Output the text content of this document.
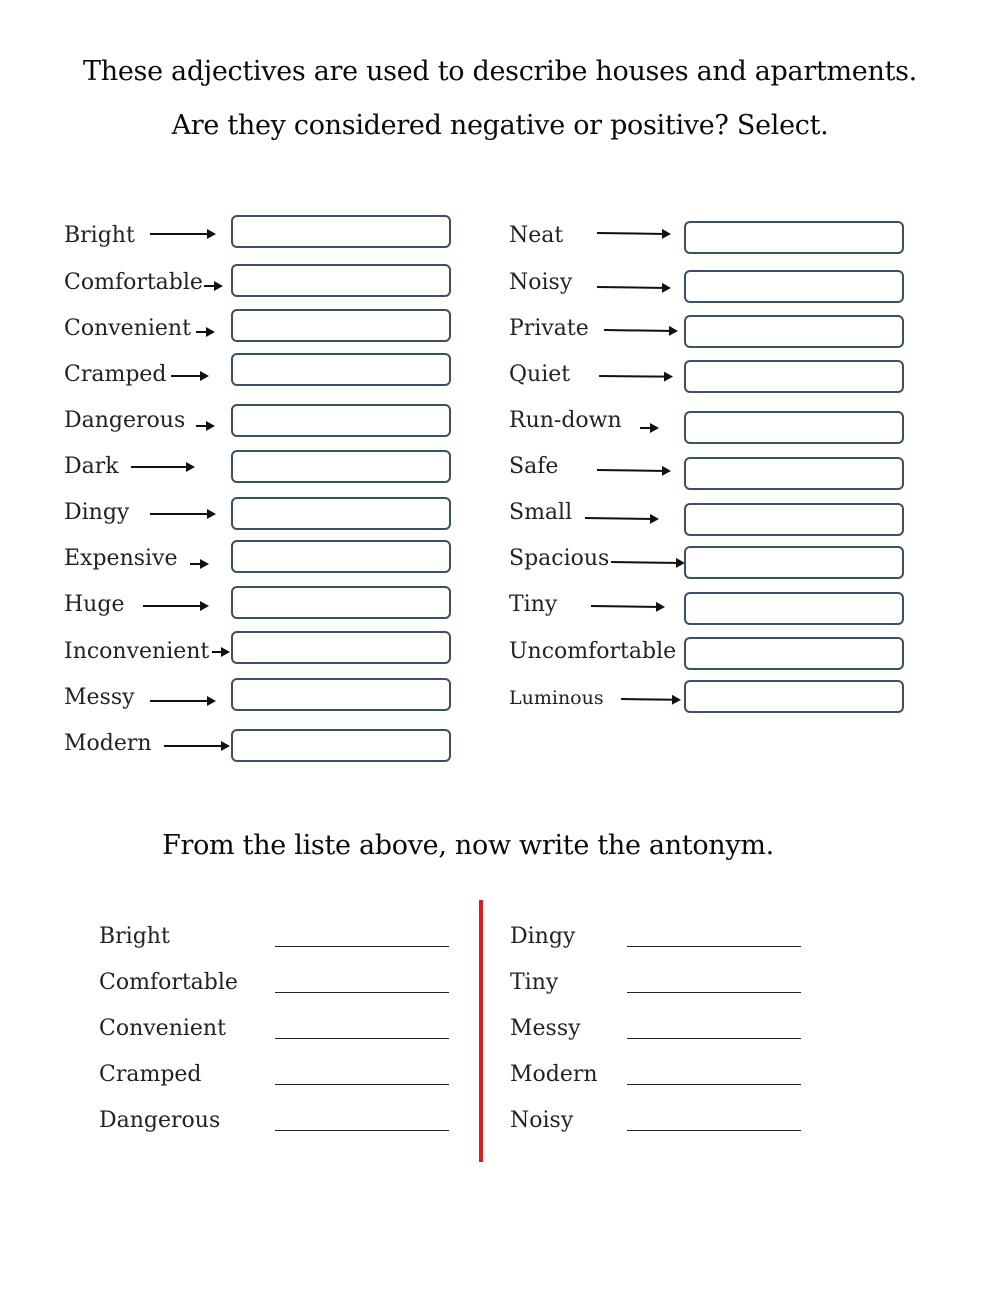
These adjectives are used to describe houses and apartments.
Are they considered negative or positive? Select.
Bright
Comfortable
Convenient
Cramped
Dangerous
Dark
Dingy
Expensive
Huge
Inconvenient
Messy
Modern
Neat
Noisy
Private
Quiet
Run-down
Safe
Small
Spacious
Tiny
Uncomfortable
Luminous
From the liste above, now write the antonym.
Bright
Comfortable
Convenient
Cramped
Dangerous
Dingy
Tiny
Messy
Modern
Noisy
